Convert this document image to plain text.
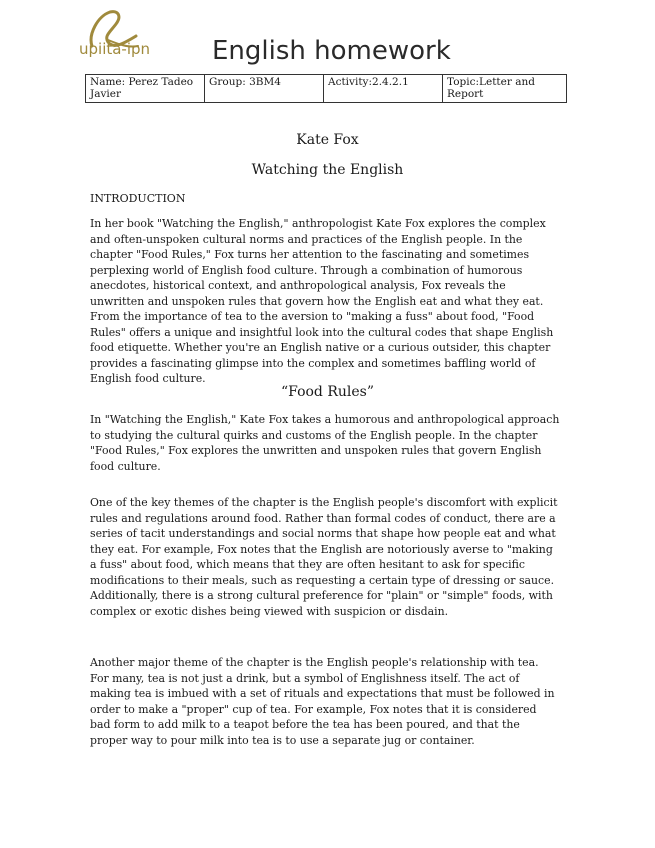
upiita-ipn	English homework
Name: Perez Tadeo Javier	Group: 3BM4	Activity:2.4.2.1	Topic:Letter and Report
Kate Fox
Watching the English
INTRODUCTION

In her book "Watching the English," anthropologist Kate Fox explores the complex and often-unspoken cultural norms and practices of the English people. In the chapter "Food Rules," Fox turns her attention to the fascinating and sometimes perplexing world of English food culture. Through a combination of humorous anecdotes, historical context, and anthropological analysis, Fox reveals the unwritten and unspoken rules that govern how the English eat and what they eat. From the importance of tea to the aversion to "making a fuss" about food, "Food Rules" offers a unique and insightful look into the cultural codes that shape English food etiquette. Whether you're an English native or a curious outsider, this chapter provides a fascinating glimpse into the complex and sometimes baffling world of English food culture.

“Food Rules”

In "Watching the English," Kate Fox takes a humorous and anthropological approach to studying the cultural quirks and customs of the English people. In the chapter "Food Rules," Fox explores the unwritten and unspoken rules that govern English food culture.

One of the key themes of the chapter is the English people's discomfort with explicit rules and regulations around food. Rather than formal codes of conduct, there are a series of tacit understandings and social norms that shape how people eat and what they eat. For example, Fox notes that the English are notoriously averse to "making a fuss" about food, which means that they are often hesitant to ask for specific modifications to their meals, such as requesting a certain type of dressing or sauce. Additionally, there is a strong cultural preference for "plain" or "simple" foods, with complex or exotic dishes being viewed with suspicion or disdain.

Another major theme of the chapter is the English people's relationship with tea. For many, tea is not just a drink, but a symbol of Englishness itself. The act of making tea is imbued with a set of rituals and expectations that must be followed in order to make a "proper" cup of tea. For example, Fox notes that it is considered bad form to add milk to a teapot before the tea has been poured, and that the proper way to pour milk into tea is to use a separate jug or container.
